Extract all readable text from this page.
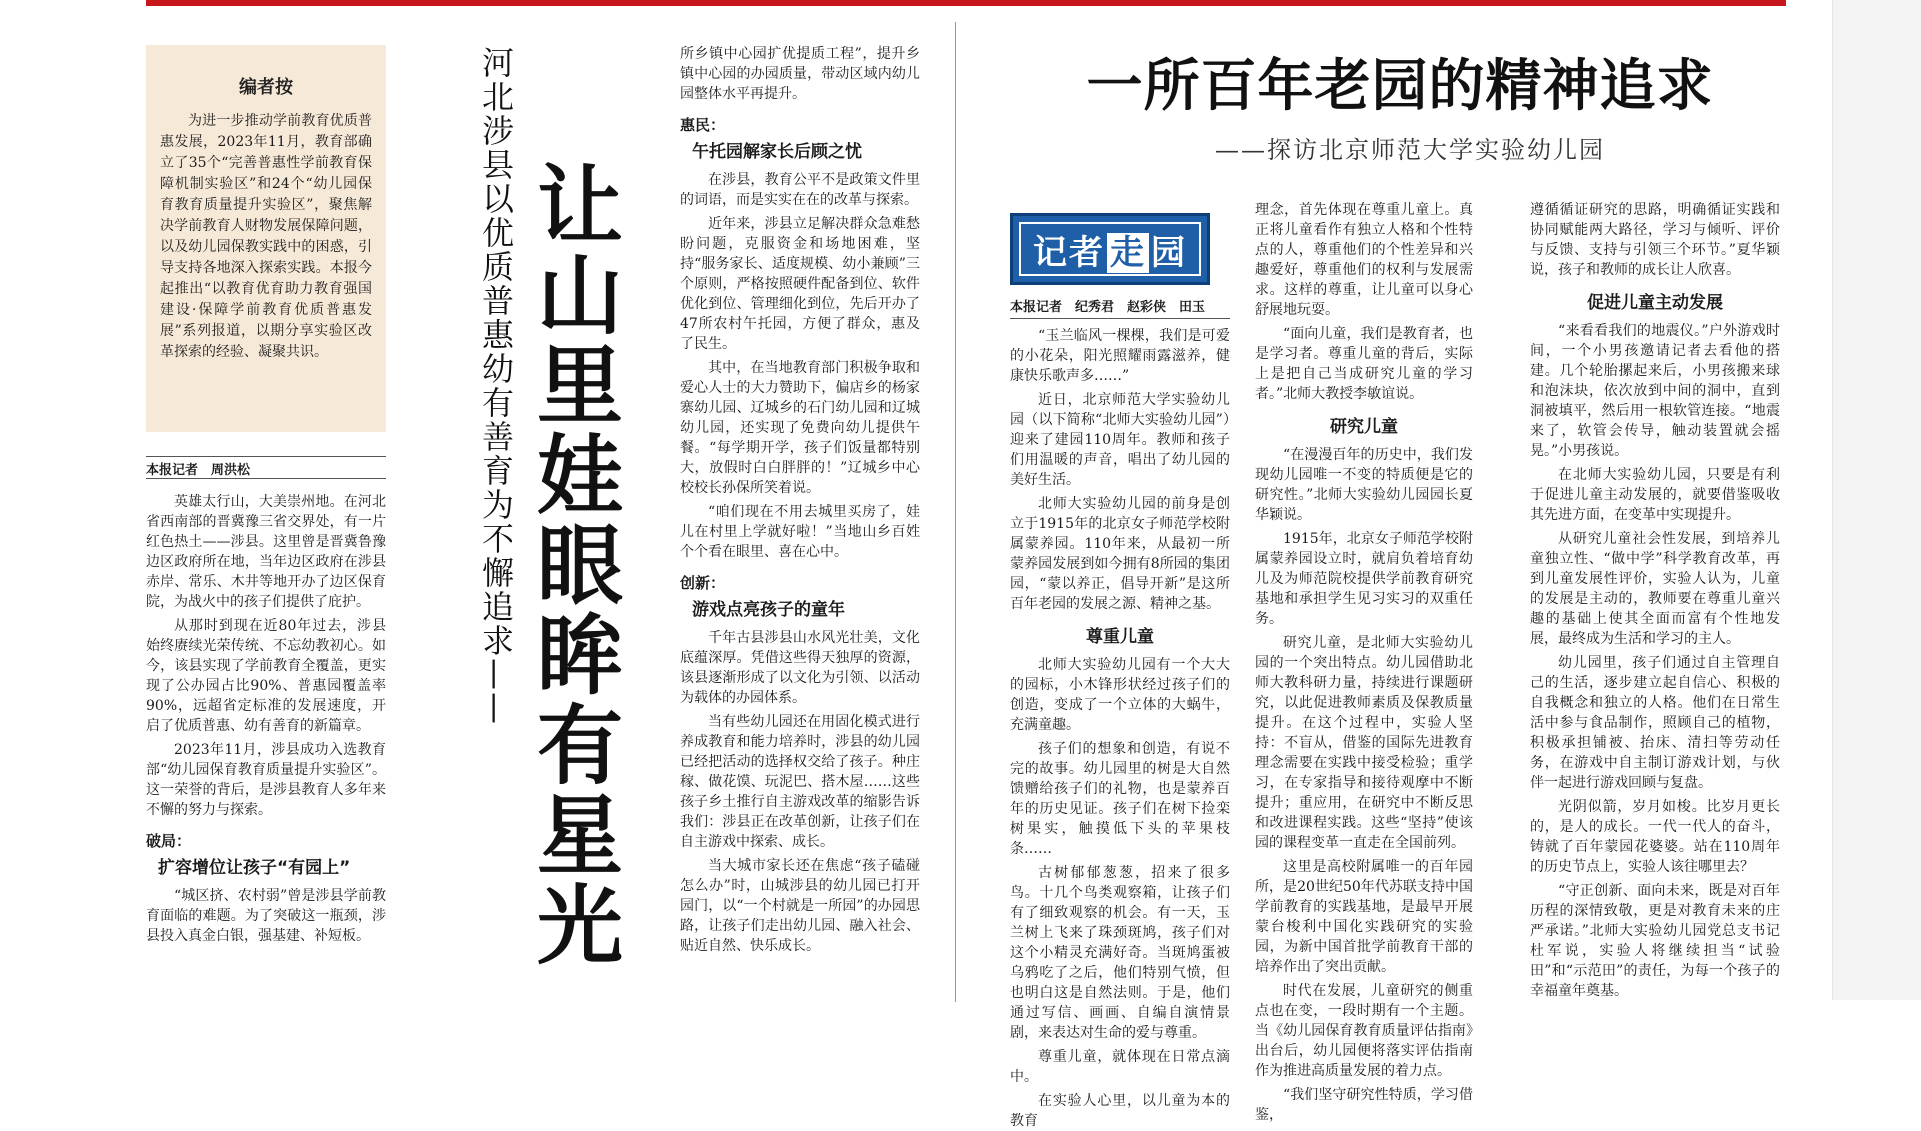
编者按

为进一步推动学前教育优质普惠发展，2023年11月，教育部确立了35个“完善普惠性学前教育保障机制实验区”和24个“幼儿园保育教育质量提升实验区”，聚焦解决学前教育人财物发展保障问题，以及幼儿园保教实践中的困惑，引导支持各地深入探索实践。本报今起推出“以教育优育助力教育强国建设·保障学前教育优质普惠发展”系列报道，以期分享实验区改革探索的经验、凝聚共识。

本报记者　周洪松

英雄太行山，大美崇州地。在河北省西南部的晋冀豫三省交界处，有一片红色热土——涉县。这里曾是晋冀鲁豫边区政府所在地，当年边区政府在涉县赤岸、常乐、木井等地开办了边区保育院，为战火中的孩子们提供了庇护。

从那时到现在近80年过去，涉县始终赓续光荣传统、不忘幼教初心。如今，该县实现了学前教育全覆盖，更实现了公办园占比90%、普惠园覆盖率90%，远超省定标准的发展速度，开启了优质普惠、幼有善育的新篇章。

2023年11月，涉县成功入选教育部“幼儿园保育教育质量提升实验区”。这一荣誉的背后，是涉县教育人多年来不懈的努力与探索。

破局：
扩容增位让孩子“有园上”

“城区挤、农村弱”曾是涉县学前教育面临的难题。为了突破这一瓶颈，涉县投入真金白银，强基建、补短板。

河北涉县以优质普惠幼有善育为不懈追求—— 让山里娃眼眸有星光

所乡镇中心园扩优提质工程”，提升乡镇中心园的办园质量，带动区域内幼儿园整体水平再提升。

惠民：
午托园解家长后顾之忧

在涉县，教育公平不是政策文件里的词语，而是实实在在的改革与探索。

近年来，涉县立足解决群众急难愁盼问题，克服资金和场地困难，坚持“服务家长、适度规模、幼小兼顾”三个原则，严格按照硬件配备到位、软件优化到位、管理细化到位，先后开办了47所农村午托园，方便了群众，惠及了民生。

其中，在当地教育部门积极争取和爱心人士的大力赞助下，偏店乡的杨家寨幼儿园、辽城乡的石门幼儿园和辽城幼儿园，还实现了免费向幼儿提供午餐。“每学期开学，孩子们饭量都特别大，放假时白白胖胖的！”辽城乡中心校校长孙保所笑着说。

“咱们现在不用去城里买房了，娃儿在村里上学就好啦！”当地山乡百姓个个看在眼里、喜在心中。

创新：
游戏点亮孩子的童年

千年古县涉县山水风光壮美，文化底蕴深厚。凭借这些得天独厚的资源，该县逐渐形成了以文化为引领、以活动为载体的办园体系。

当有些幼儿园还在用固化模式进行养成教育和能力培养时，涉县的幼儿园已经把活动的选择权交给了孩子。种庄稼、做花馍、玩泥巴、搭木屋……这些孩子乡土推行自主游戏改革的缩影告诉我们：涉县正在改革创新，让孩子们在自主游戏中探索、成长。

当大城市家长还在焦虑“孩子磕碰怎么办”时，山城涉县的幼儿园已打开园门，以“一个村就是一所园”的办园思路，让孩子们走出幼儿园、融入社会、贴近自然、快乐成长。

一所百年老园的精神追求
——探访北京师范大学实验幼儿园
记者 走 园
本报记者　纪秀君　赵彩侠　田玉

“玉兰临风一棵棵，我们是可爱的小花朵，阳光照耀雨露滋养，健康快乐歌声多……”

近日，北京师范大学实验幼儿园（以下简称“北师大实验幼儿园”）迎来了建园110周年。教师和孩子们用温暖的声音，唱出了幼儿园的美好生活。

北师大实验幼儿园的前身是创立于1915年的北京女子师范学校附属蒙养园。110年来，从最初一所蒙养园发展到如今拥有8所园的集团园，“蒙以养正，倡导开新”是这所百年老园的发展之源、精神之基。

尊重儿童

北师大实验幼儿园有一个大大的园标，小木锋形状经过孩子们的创造，变成了一个立体的大蜗牛，充满童趣。

孩子们的想象和创造，有说不完的故事。幼儿园里的树是大自然馈赠给孩子们的礼物，也是蒙养百年的历史见证。孩子们在树下捡栾树果实，触摸低下头的苹果枝条……

古树郁郁葱葱，招来了很多鸟。十几个鸟类观察箱，让孩子们有了细致观察的机会。有一天，玉兰树上飞来了珠颈斑鸠，孩子们对这个小精灵充满好奇。当斑鸠蛋被乌鸦吃了之后，他们特别气愤，但也明白这是自然法则。于是，他们通过写信、画画、自编自演情景剧，来表达对生命的爱与尊重。

尊重儿童，就体现在日常点滴中。

在实验人心里，以儿童为本的教育

理念，首先体现在尊重儿童上。真正将儿童看作有独立人格和个性特点的人，尊重他们的个性差异和兴趣爱好，尊重他们的权利与发展需求。这样的尊重，让儿童可以身心舒展地玩耍。

“面向儿童，我们是教育者，也是学习者。尊重儿童的背后，实际上是把自己当成研究儿童的学习者。”北师大教授李敏谊说。

研究儿童

“在漫漫百年的历史中，我们发现幼儿园唯一不变的特质便是它的研究性。”北师大实验幼儿园园长夏华颖说。

1915年，北京女子师范学校附属蒙养园设立时，就肩负着培育幼儿及为师范院校提供学前教育研究基地和承担学生见习实习的双重任务。

研究儿童，是北师大实验幼儿园的一个突出特点。幼儿园借助北师大教科研力量，持续进行课题研究，以此促进教师素质及保教质量提升。在这个过程中，实验人坚持：不盲从，借鉴的国际先进教育理念需要在实践中接受检验；重学习，在专家指导和接待观摩中不断提升；重应用，在研究中不断反思和改进课程实践。这些“坚持”使该园的课程变革一直走在全国前列。

这里是高校附属唯一的百年园所，是20世纪50年代苏联支持中国学前教育的实践基地，是最早开展蒙台梭利中国化实践研究的实验园，为新中国首批学前教育干部的培养作出了突出贡献。

时代在发展，儿童研究的侧重点也在变，一段时期有一个主题。当《幼儿园保育教育质量评估指南》出台后，幼儿园便将落实评估指南作为推进高质量发展的着力点。

“我们坚守研究性特质，学习借鉴，

遵循循证研究的思路，明确循证实践和协同赋能两大路径，学习与倾听、评价与反馈、支持与引领三个环节。”夏华颖说，孩子和教师的成长让人欣喜。

促进儿童主动发展

“来看看我们的地震仪。”户外游戏时间，一个小男孩邀请记者去看他的搭建。几个轮胎摞起来后，小男孩搬来球和泡沫块，依次放到中间的洞中，直到洞被填平，然后用一根软管连接。“地震来了，软管会传导，触动装置就会摇晃。”小男孩说。

在北师大实验幼儿园，只要是有利于促进儿童主动发展的，就要借鉴吸收其先进方面，在变革中实现提升。

从研究儿童社会性发展，到培养儿童独立性、“做中学”科学教育改革，再到儿童发展性评价，实验人认为，儿童的发展是主动的，教师要在尊重儿童兴趣的基础上使其全面而富有个性地发展，最终成为生活和学习的主人。

幼儿园里，孩子们通过自主管理自己的生活，逐步建立起自信心、积极的自我概念和独立的人格。他们在日常生活中参与食品制作，照顾自己的植物，积极承担铺被、抬床、清扫等劳动任务，在游戏中自主制订游戏计划，与伙伴一起进行游戏回顾与复盘。

光阴似箭，岁月如梭。比岁月更长的，是人的成长。一代一代人的奋斗，铸就了百年蒙园花婆婆。站在110周年的历史节点上，实验人该往哪里去？

“守正创新、面向未来，既是对百年历程的深情致敬，更是对教育未来的庄严承诺。”北师大实验幼儿园党总支书记杜军说，实验人将继续担当“试验田”和“示范田”的责任，为每一个孩子的幸福童年奠基。
